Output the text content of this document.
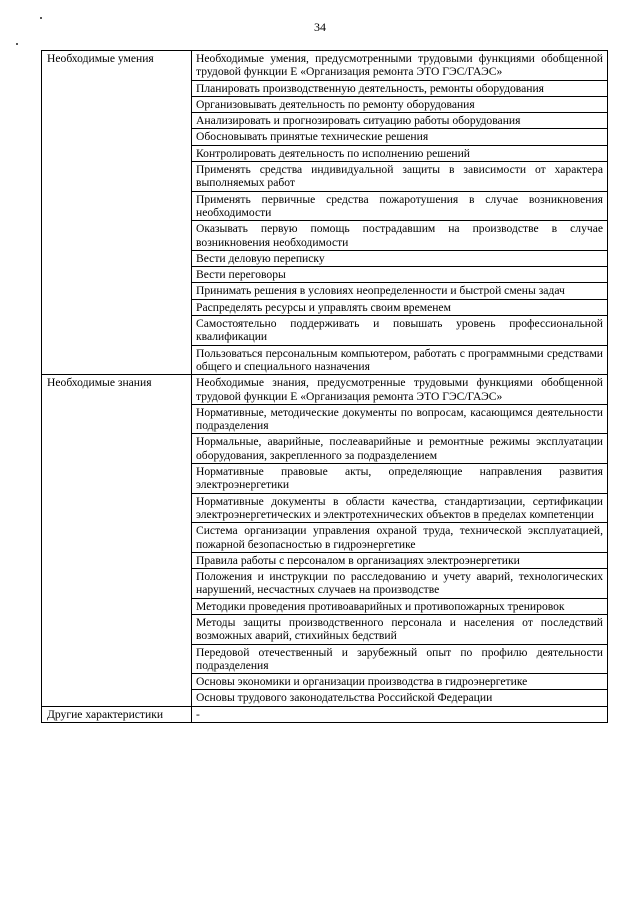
34
Необходимые умения	Необходимые умения, предусмотренными трудовыми функциями обобщенной трудовой функции E «Организация ремонта ЭТО ГЭС/ГАЭС»
	Планировать производственную деятельность, ремонты оборудования
	Организовывать деятельность по ремонту оборудования
	Анализировать и прогнозировать ситуацию работы оборудования
	Обосновывать принятые технические решения
	Контролировать деятельность по исполнению решений
	Применять средства индивидуальной защиты в зависимости от характера выполняемых работ
	Применять первичные средства пожаротушения в случае возникновения необходимости
	Оказывать первую помощь пострадавшим на производстве в случае возникновения необходимости
	Вести деловую переписку
	Вести переговоры
	Принимать решения в условиях неопределенности и быстрой смены задач
	Распределять ресурсы и управлять своим временем
	Самостоятельно поддерживать и повышать уровень профессиональной квалификации
	Пользоваться персональным компьютером, работать с программными средствами общего и специального назначения
Необходимые знания	Необходимые знания, предусмотренные трудовыми функциями обобщенной трудовой функции E «Организация ремонта ЭТО ГЭС/ГАЭС»
	Нормативные, методические документы по вопросам, касающимся деятельности подразделения
	Нормальные, аварийные, послеаварийные и ремонтные режимы эксплуатации оборудования, закрепленного за подразделением
	Нормативные правовые акты, определяющие направления развития электроэнергетики
	Нормативные документы в области качества, стандартизации, сертификации электроэнергетических и электротехнических объектов в пределах компетенции
	Система организации управления охраной труда, технической эксплуатацией, пожарной безопасностью в гидроэнергетике
	Правила работы с персоналом в организациях электроэнергетики
	Положения и инструкции по расследованию и учету аварий, технологических нарушений, несчастных случаев на производстве
	Методики проведения противоаварийных и противопожарных тренировок
	Методы защиты производственного персонала и населения от последствий возможных аварий, стихийных бедствий
	Передовой отечественный и зарубежный опыт по профилю деятельности подразделения
	Основы экономики и организации производства в гидроэнергетике
	Основы трудового законодательства Российской Федерации
Другие характеристики	-
